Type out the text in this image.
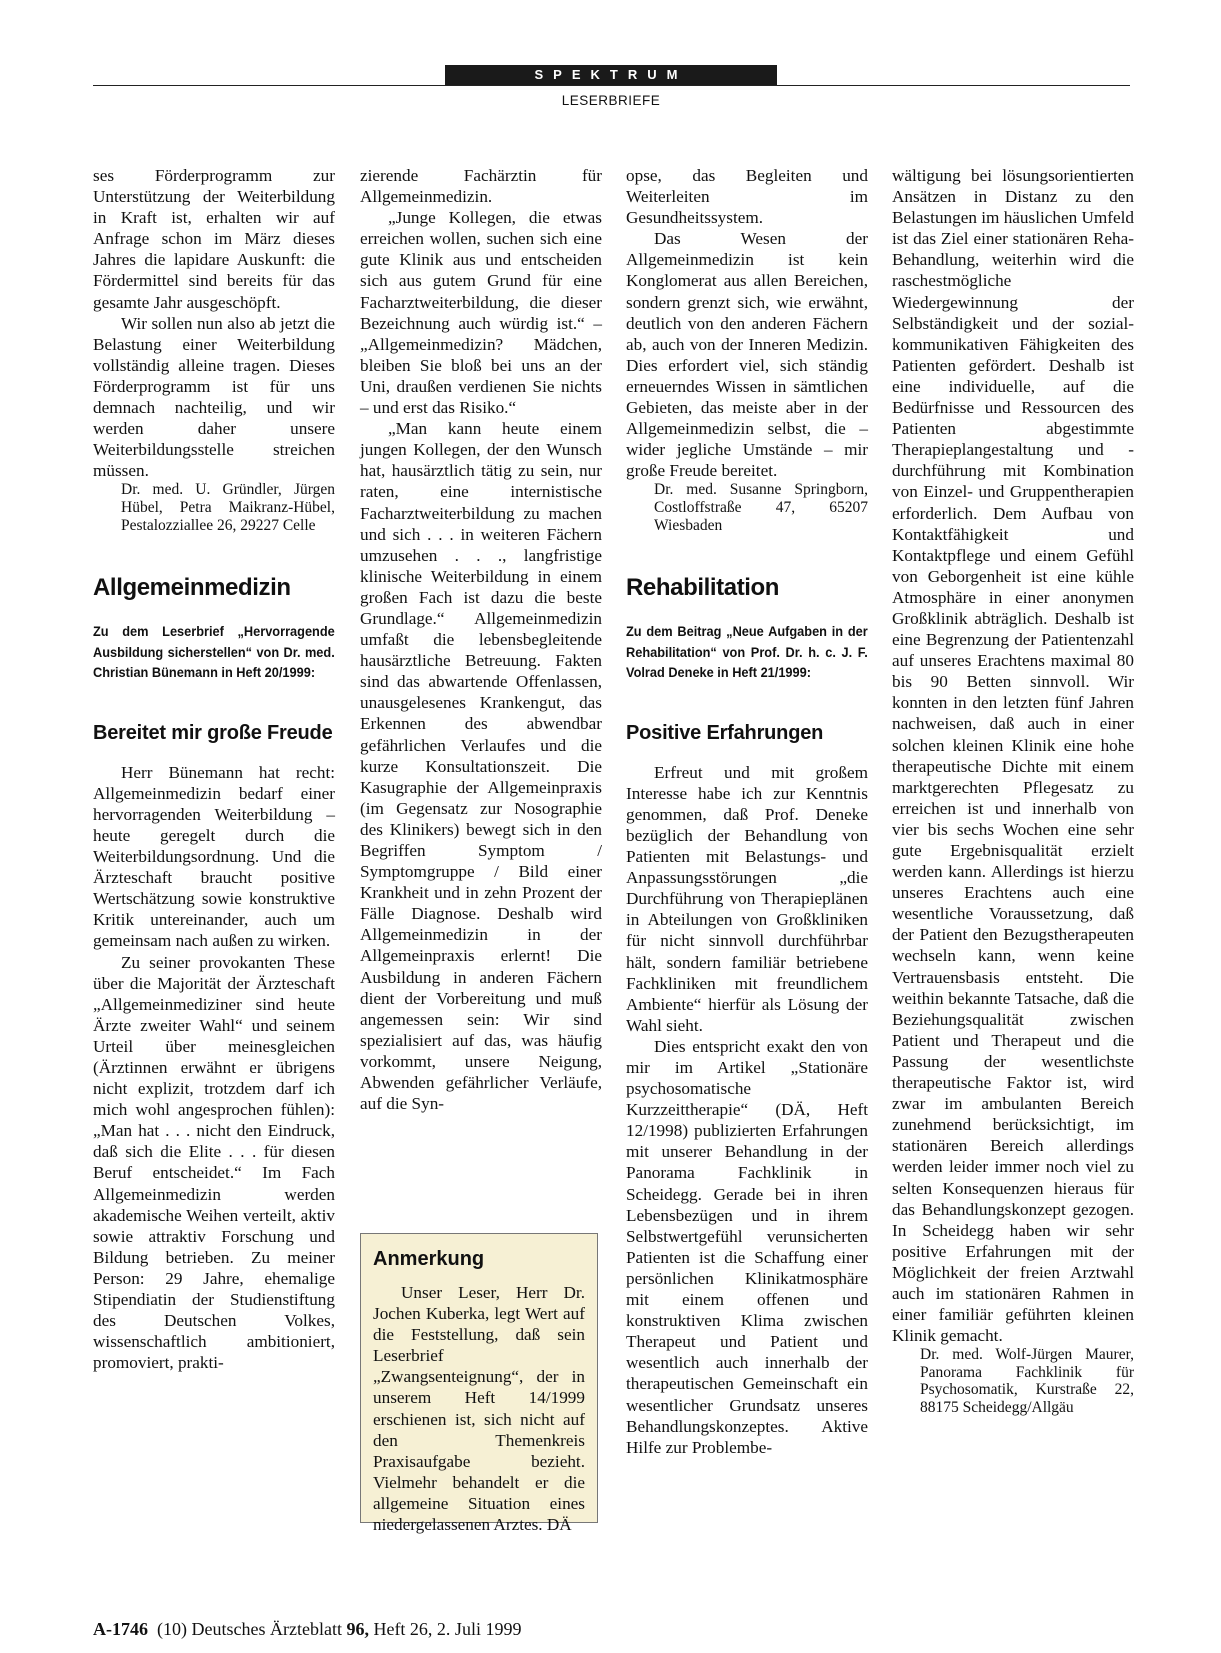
SPEKTRUM
LESERBRIEFE

ses Förderprogramm zur Unterstützung der Weiterbildung in Kraft ist, erhalten wir auf Anfrage schon im März dieses Jahres die lapidare Auskunft: die Fördermittel sind bereits für das gesamte Jahr ausgeschöpft.

Wir sollen nun also ab jetzt die Belastung einer Weiterbildung vollständig alleine tragen. Dieses Förderprogramm ist für uns demnach nachteilig, und wir werden daher unsere Weiterbildungsstelle streichen müssen.

Dr. med. U. Gründler, Jürgen Hübel, Petra Maikranz-Hübel, Pestalozziallee 26, 29227 Celle

Allgemeinmedizin
Zu dem Leserbrief „Hervorragende Ausbildung sicherstellen“ von Dr. med. Christian Bünemann in Heft 20/1999:
Bereitet mir große Freude

Herr Bünemann hat recht: Allgemeinmedizin bedarf einer hervorragenden Weiterbildung – heute geregelt durch die Weiterbildungsordnung. Und die Ärzteschaft braucht positive Wertschätzung sowie konstruktive Kritik untereinander, auch um gemeinsam nach außen zu wirken.

Zu seiner provokanten These über die Majorität der Ärzteschaft „Allgemeinmediziner sind heute Ärzte zweiter Wahl“ und seinem Urteil über meinesgleichen (Ärztinnen erwähnt er übrigens nicht explizit, trotzdem darf ich mich wohl angesprochen fühlen): „Man hat . . . nicht den Eindruck, daß sich die Elite . . . für diesen Beruf entscheidet.“ Im Fach Allgemeinmedizin werden akademische Weihen verteilt, aktiv sowie attraktiv Forschung und Bildung betrieben. Zu meiner Person: 29 Jahre, ehemalige Stipendiatin der Studienstiftung des Deutschen Volkes, wissenschaftlich ambitioniert, promoviert, prakti-

zierende Fachärztin für Allgemeinmedizin.

„Junge Kollegen, die etwas erreichen wollen, suchen sich eine gute Klinik aus und entscheiden sich aus gutem Grund für eine Facharztweiterbildung, die dieser Bezeichnung auch würdig ist.“ – „Allgemeinmedizin? Mädchen, bleiben Sie bloß bei uns an der Uni, draußen verdienen Sie nichts – und erst das Risiko.“

„Man kann heute einem jungen Kollegen, der den Wunsch hat, hausärztlich tätig zu sein, nur raten, eine internistische Facharztweiterbildung zu machen und sich . . . in weiteren Fächern umzusehen . . ., langfristige klinische Weiterbildung in einem großen Fach ist dazu die beste Grundlage.“ Allgemeinmedizin umfaßt die lebensbegleitende hausärztliche Betreuung. Fakten sind das abwartende Offenlassen, unausgelesenes Krankengut, das Erkennen des abwendbar gefährlichen Verlaufes und die kurze Konsultationszeit. Die Kasugraphie der Allgemeinpraxis (im Gegensatz zur Nosographie des Klinikers) bewegt sich in den Begriffen Symptom / Symptomgruppe / Bild einer Krankheit und in zehn Prozent der Fälle Diagnose. Deshalb wird Allgemeinmedizin in der Allgemeinpraxis erlernt! Die Ausbildung in anderen Fächern dient der Vorbereitung und muß angemessen sein: Wir sind spezialisiert auf das, was häufig vorkommt, unsere Neigung, Abwenden gefährlicher Verläufe, auf die Syn-

Anmerkung

Unser Leser, Herr Dr. Jochen Kuberka, legt Wert auf die Feststellung, daß sein Leserbrief „Zwangsenteignung“, der in unserem Heft 14/1999 erschienen ist, sich nicht auf den Themenkreis Praxisaufgabe bezieht. Vielmehr behandelt er die allgemeine Situation eines niedergelassenen Arztes. DÄ

opse, das Begleiten und Weiterleiten im Gesundheitssystem.

Das Wesen der Allgemeinmedizin ist kein Konglomerat aus allen Bereichen, sondern grenzt sich, wie erwähnt, deutlich von den anderen Fächern ab, auch von der Inneren Medizin. Dies erfordert viel, sich ständig erneuerndes Wissen in sämtlichen Gebieten, das meiste aber in der Allgemeinmedizin selbst, die – wider jegliche Umstände – mir große Freude bereitet.

Dr. med. Susanne Springborn, Costloffstraße 47, 65207 Wiesbaden

Rehabilitation
Zu dem Beitrag „Neue Aufgaben in der Rehabilitation“ von Prof. Dr. h. c. J. F. Volrad Deneke in Heft 21/1999:
Positive Erfahrungen

Erfreut und mit großem Interesse habe ich zur Kenntnis genommen, daß Prof. Deneke bezüglich der Behandlung von Patienten mit Belastungs- und Anpassungsstörungen „die Durchführung von Therapieplänen in Abteilungen von Großkliniken für nicht sinnvoll durchführbar hält, sondern familiär betriebene Fachkliniken mit freundlichem Ambiente“ hierfür als Lösung der Wahl sieht.

Dies entspricht exakt den von mir im Artikel „Stationäre psychosomatische Kurzzeittherapie“ (DÄ, Heft 12/1998) publizierten Erfahrungen mit unserer Behandlung in der Panorama Fachklinik in Scheidegg. Gerade bei in ihren Lebensbezügen und in ihrem Selbstwertgefühl verunsicherten Patienten ist die Schaffung einer persönlichen Klinikatmosphäre mit einem offenen und konstruktiven Klima zwischen Therapeut und Patient und wesentlich auch innerhalb der therapeutischen Gemeinschaft ein wesentlicher Grundsatz unseres Behandlungskonzeptes. Aktive Hilfe zur Problembe-

wältigung bei lösungsorientierten Ansätzen in Distanz zu den Belastungen im häuslichen Umfeld ist das Ziel einer stationären Reha-Behandlung, weiterhin wird die raschestmögliche Wiedergewinnung der Selbständigkeit und der sozial-kommunikativen Fähigkeiten des Patienten gefördert. Deshalb ist eine individuelle, auf die Bedürfnisse und Ressourcen des Patienten abgestimmte Therapieplangestaltung und -durchführung mit Kombination von Einzel- und Gruppentherapien erforderlich. Dem Aufbau von Kontaktfähigkeit und Kontaktpflege und einem Gefühl von Geborgenheit ist eine kühle Atmosphäre in einer anonymen Großklinik abträglich. Deshalb ist eine Begrenzung der Patientenzahl auf unseres Erachtens maximal 80 bis 90 Betten sinnvoll. Wir konnten in den letzten fünf Jahren nachweisen, daß auch in einer solchen kleinen Klinik eine hohe therapeutische Dichte mit einem marktgerechten Pflegesatz zu erreichen ist und innerhalb von vier bis sechs Wochen eine sehr gute Ergebnisqualität erzielt werden kann. Allerdings ist hierzu unseres Erachtens auch eine wesentliche Voraussetzung, daß der Patient den Bezugstherapeuten wechseln kann, wenn keine Vertrauensbasis entsteht. Die weithin bekannte Tatsache, daß die Beziehungsqualität zwischen Patient und Therapeut und die Passung der wesentlichste therapeutische Faktor ist, wird zwar im ambulanten Bereich zunehmend berücksichtigt, im stationären Bereich allerdings werden leider immer noch viel zu selten Konsequenzen hieraus für das Behandlungskonzept gezogen. In Scheidegg haben wir sehr positive Erfahrungen mit der Möglichkeit der freien Arztwahl auch im stationären Rahmen in einer familiär geführten kleinen Klinik gemacht.

Dr. med. Wolf-Jürgen Maurer, Panorama Fachklinik für Psychosomatik, Kurstraße 22, 88175 Scheidegg/Allgäu

A-1746 (10) Deutsches Ärzteblatt 96, Heft 26, 2. Juli 1999
